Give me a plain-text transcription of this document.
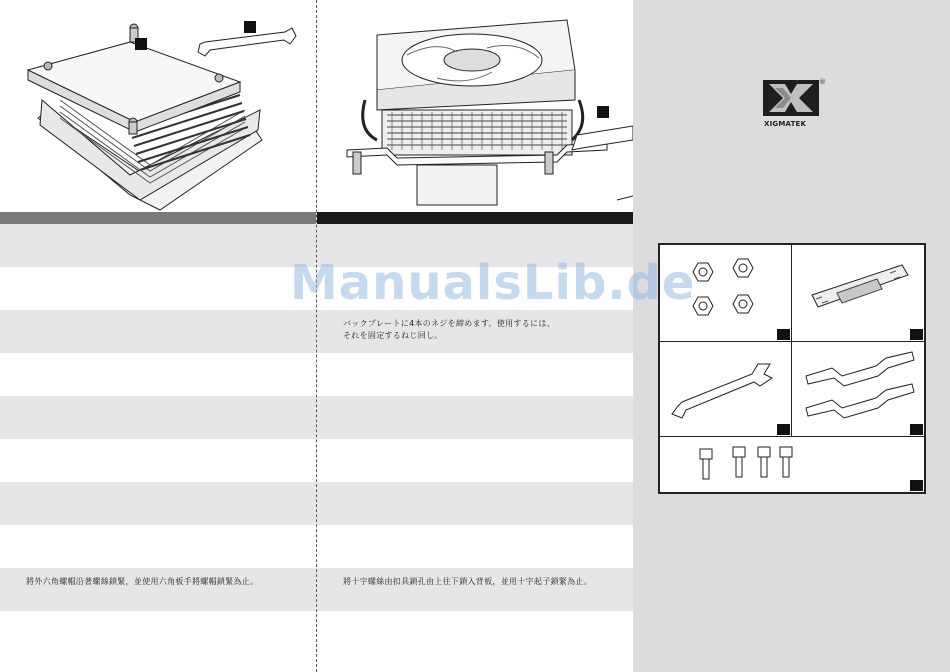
將外六角螺帽沿著螺絲鎖緊，並使用六角板手將螺帽鎖緊為止。
バックプレートに4本のネジを締めます。使用するには、
それを固定するねじ回し。
將十字螺絲由扣具鎖孔由上往下鎖入背板，並用十字起子鎖緊為止。
®
XIGMATEK
ManualsLib.de
